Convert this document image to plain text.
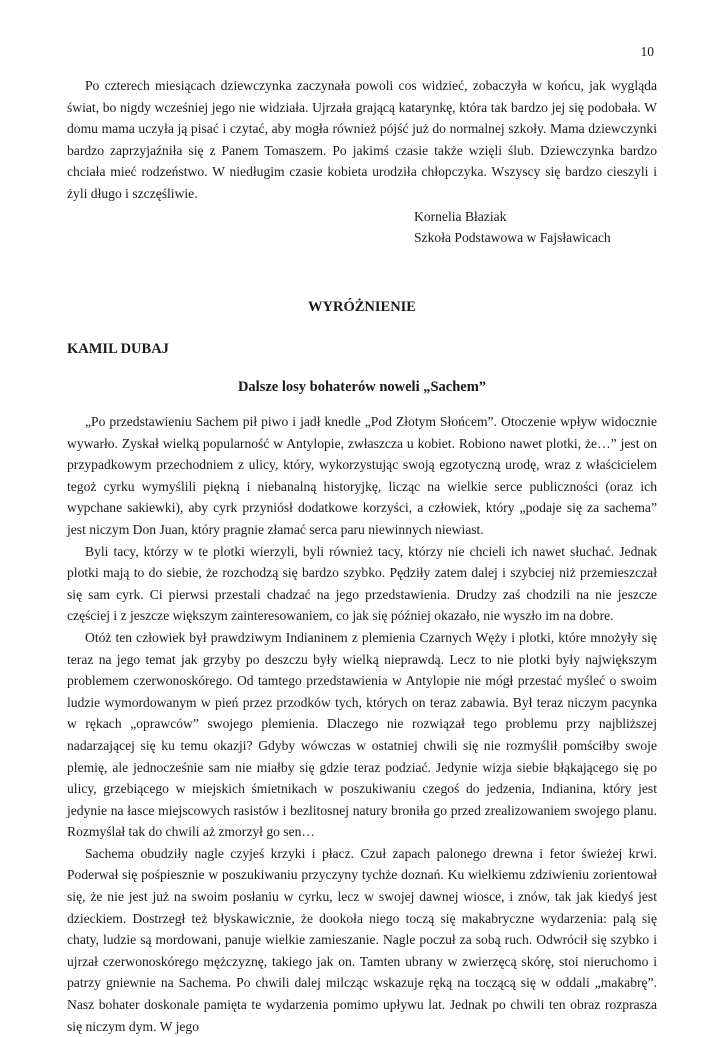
10

Po czterech miesiącach dziewczynka zaczynała powoli cos widzieć, zobaczyła w końcu, jak wygląda świat, bo nigdy wcześniej jego nie widziała. Ujrzała grającą katarynkę, która tak bardzo jej się podobała. W domu mama uczyła ją pisać i czytać, aby mogła również pójść już do normalnej szkoły. Mama dziewczynki bardzo zaprzyjaźniła się z Panem Tomaszem. Po jakimś czasie także wzięli ślub. Dziewczynka bardzo chciała mieć rodzeństwo. W niedługim czasie kobieta urodziła chłopczyka. Wszyscy się bardzo cieszyli i żyli długo i szczęśliwie.

Kornelia Błaziak
Szkoła Podstawowa w Fajsławicach
WYRÓŻNIENIE
KAMIL DUBAJ
Dalsze losy bohaterów noweli „Sachem”

„Po przedstawieniu Sachem pił piwo i jadł knedle „Pod Złotym Słońcem”. Otoczenie wpływ widocznie wywarło. Zyskał wielką popularność w Antylopie, zwłaszcza u kobiet. Robiono nawet plotki, że…” jest on przypadkowym przechodniem z ulicy, który, wykorzystując swoją egzotyczną urodę, wraz z właścicielem tegoż cyrku wymyślili piękną i niebanalną historyjkę, licząc na wielkie serce publiczności (oraz ich wypchane sakiewki), aby cyrk przyniósł dodatkowe korzyści, a człowiek, który „podaje się za sachema” jest niczym Don Juan, który pragnie złamać serca paru niewinnych niewiast.

Byli tacy, którzy w te plotki wierzyli, byli również tacy, którzy nie chcieli ich nawet słuchać. Jednak plotki mają to do siebie, że rozchodzą się bardzo szybko. Pędziły zatem dalej i szybciej niż przemieszczał się sam cyrk. Ci pierwsi przestali chadzać na jego przedstawienia. Drudzy zaś chodzili na nie jeszcze częściej i z jeszcze większym zainteresowaniem, co jak się później okazało, nie wyszło im na dobre.

Otóż ten człowiek był prawdziwym Indianinem z plemienia Czarnych Węży i plotki, które mnożyły się teraz na jego temat jak grzyby po deszczu były wielką nieprawdą. Lecz to nie plotki były największym problemem czerwonoskórego. Od tamtego przedstawienia w Antylopie nie mógł przestać myśleć o swoim ludzie wymordowanym w pień przez przodków tych, których on teraz zabawia. Był teraz niczym pacynka w rękach „oprawców” swojego plemienia. Dlaczego nie rozwiązał tego problemu przy najbliższej nadarzającej się ku temu okazji? Gdyby wówczas w ostatniej chwili się nie rozmyślił pomściłby swoje plemię, ale jednocześnie sam nie miałby się gdzie teraz podziać. Jedynie wizja siebie błąkającego się po ulicy, grzebiącego w miejskich śmietnikach w poszukiwaniu czegoś do jedzenia, Indianina, który jest jedynie na łasce miejscowych rasistów i bezlitosnej natury broniła go przed zrealizowaniem swojego planu. Rozmyślał tak do chwili aż zmorzył go sen…

Sachema obudziły nagle czyjeś krzyki i płacz. Czuł zapach palonego drewna i fetor świeżej krwi. Poderwał się pośpiesznie w poszukiwaniu przyczyny tychże doznań. Ku wielkiemu zdziwieniu zorientował się, że nie jest już na swoim posłaniu w cyrku, lecz w swojej dawnej wiosce, i znów, tak jak kiedyś jest dzieckiem. Dostrzegł też błyskawicznie, że dookoła niego toczą się makabryczne wydarzenia: palą się chaty, ludzie są mordowani, panuje wielkie zamieszanie. Nagle poczuł za sobą ruch. Odwrócił się szybko i ujrzał czerwonoskórego mężczyznę, takiego jak on. Tamten ubrany w zwierzęcą skórę, stoi nieruchomo i patrzy gniewnie na Sachema. Po chwili dalej milcząc wskazuje ręką na toczącą się w oddali „makabrę”. Nasz bohater doskonale pamięta te wydarzenia pomimo upływu lat. Jednak po chwili ten obraz rozprasza się niczym dym. W jego
